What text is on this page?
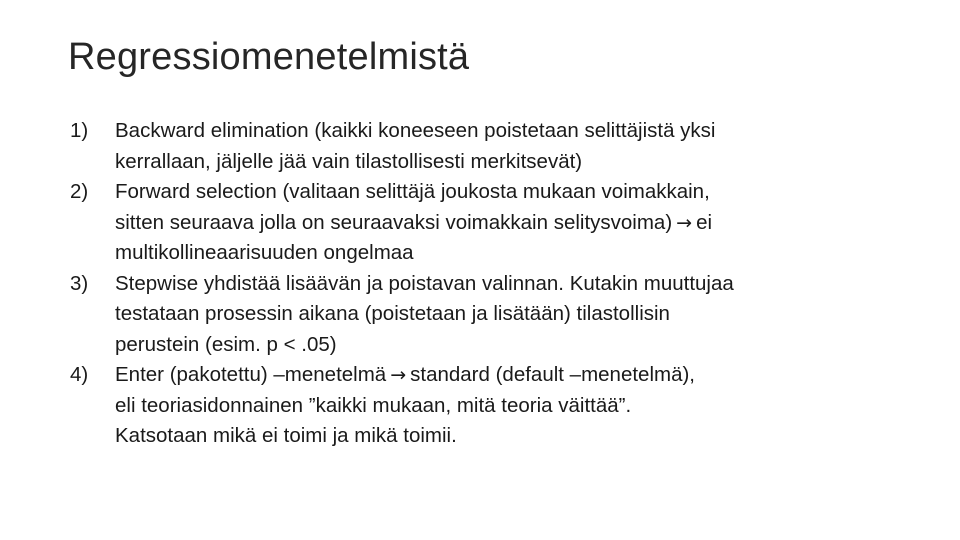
Regressiomenetelmistä
1)	Backward elimination (kaikki koneeseen poistetaan selittäjistä yksi
kerrallaan, jäljelle jää vain tilastollisesti merkitsevät)
2)	Forward selection (valitaan selittäjä joukosta mukaan voimakkain,
sitten seuraava jolla on seuraavaksi voimakkain selitysvoima) → ei
multikollineaarisuuden ongelmaa
3)	Stepwise yhdistää lisäävän ja poistavan valinnan. Kutakin muuttujaa
testataan prosessin aikana (poistetaan ja lisätään) tilastollisin
perustein (esim. p < .05)
4)	Enter (pakotettu) –menetelmä → standard (default –menetelmä),
eli teoriasidonnainen ”kaikki mukaan, mitä teoria väittää”.
Katsotaan mikä ei toimi ja mikä toimii.
